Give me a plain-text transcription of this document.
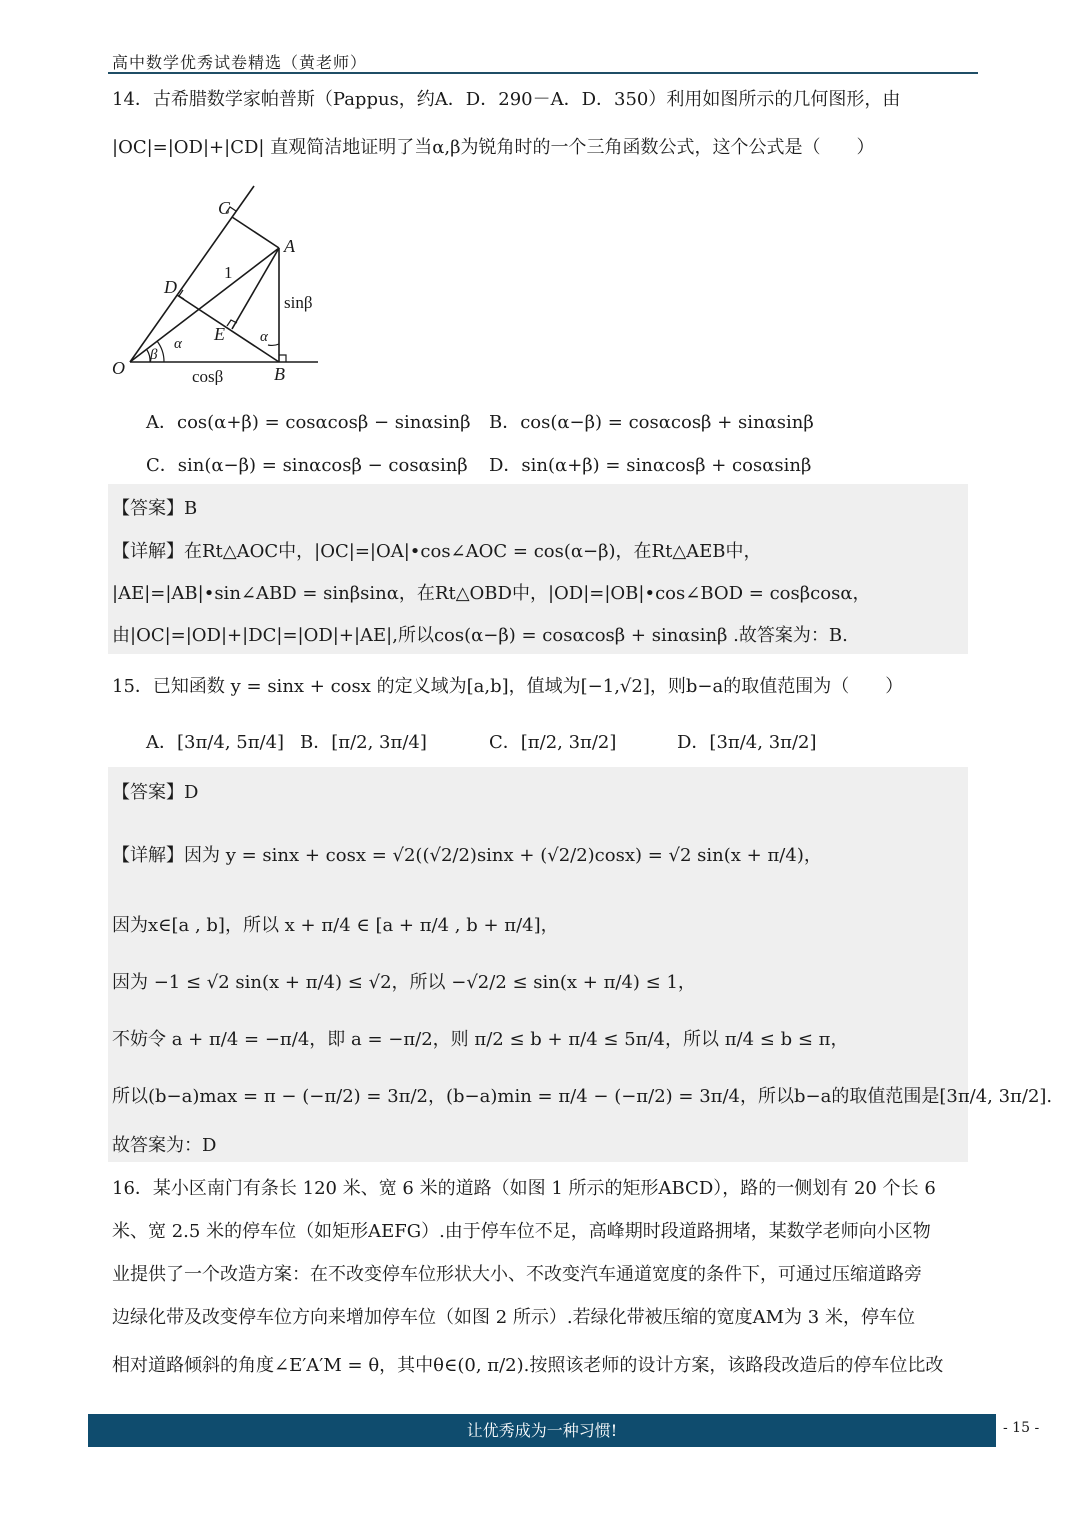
高中数学优秀试卷精选（黄老师）
14．古希腊数学家帕普斯（Pappus，约A．D．290－A．D．350）利用如图所示的几何图形，由
|OC|=|OD|+|CD| 直观简洁地证明了当α,β为锐角时的一个三角函数公式，这个公式是（　　）
C
A
D
E
O	B
β
α	α
1
sinβ
cosβ
A．cos(α+β) = cosαcosβ − sinαsinβ B．cos(α−β) = cosαcosβ + sinαsinβ
C．sin(α−β) = sinαcosβ − cosαsinβ D．sin(α+β) = sinαcosβ + cosαsinβ
【答案】B
【详解】在Rt△AOC中，|OC|=|OA|•cos∠AOC = cos(α−β)，在Rt△AEB中，
|AE|=|AB|•sin∠ABD = sinβsinα，在Rt△OBD中，|OD|=|OB|•cos∠BOD = cosβcosα，
由|OC|=|OD|+|DC|=|OD|+|AE|,所以cos(α−β) = cosαcosβ + sinαsinβ .故答案为：B.
15．已知函数 y = sinx + cosx 的定义域为[a,b]，值域为[−1,√2]，则b−a的取值范围为（　　）
A．[3π/4, 5π/4] B．[π/2, 3π/4]	C．[π/2, 3π/2]	D．[3π/4, 3π/2]
【答案】D
【详解】因为 y = sinx + cosx = √2((√2/2)sinx + (√2/2)cosx) = √2 sin(x + π/4)，
因为x∈[a , b]，所以 x + π/4 ∈ [a + π/4 , b + π/4]，
因为 −1 ≤ √2 sin(x + π/4) ≤ √2，所以 −√2/2 ≤ sin(x + π/4) ≤ 1，
不妨令 a + π/4 = −π/4，即 a = −π/2，则 π/2 ≤ b + π/4 ≤ 5π/4，所以 π/4 ≤ b ≤ π，
所以(b−a)max = π − (−π/2) = 3π/2，(b−a)min = π/4 − (−π/2) = 3π/4，所以b−a的取值范围是[3π/4, 3π/2].
故答案为：D
16．某小区南门有条长 120 米、宽 6 米的道路（如图 1 所示的矩形ABCD），路的一侧划有 20 个长 6
米、宽 2.5 米的停车位（如矩形AEFG）.由于停车位不足，高峰期时段道路拥堵，某数学老师向小区物
业提供了一个改造方案：在不改变停车位形状大小、不改变汽车通道宽度的条件下，可通过压缩道路旁
边绿化带及改变停车位方向来增加停车位（如图 2 所示）.若绿化带被压缩的宽度AM为 3 米，停车位
相对道路倾斜的角度∠E′A′M = θ，其中θ∈(0, π/2).按照该老师的设计方案，该路段改造后的停车位比改
让优秀成为一种习惯!	- 15 -
